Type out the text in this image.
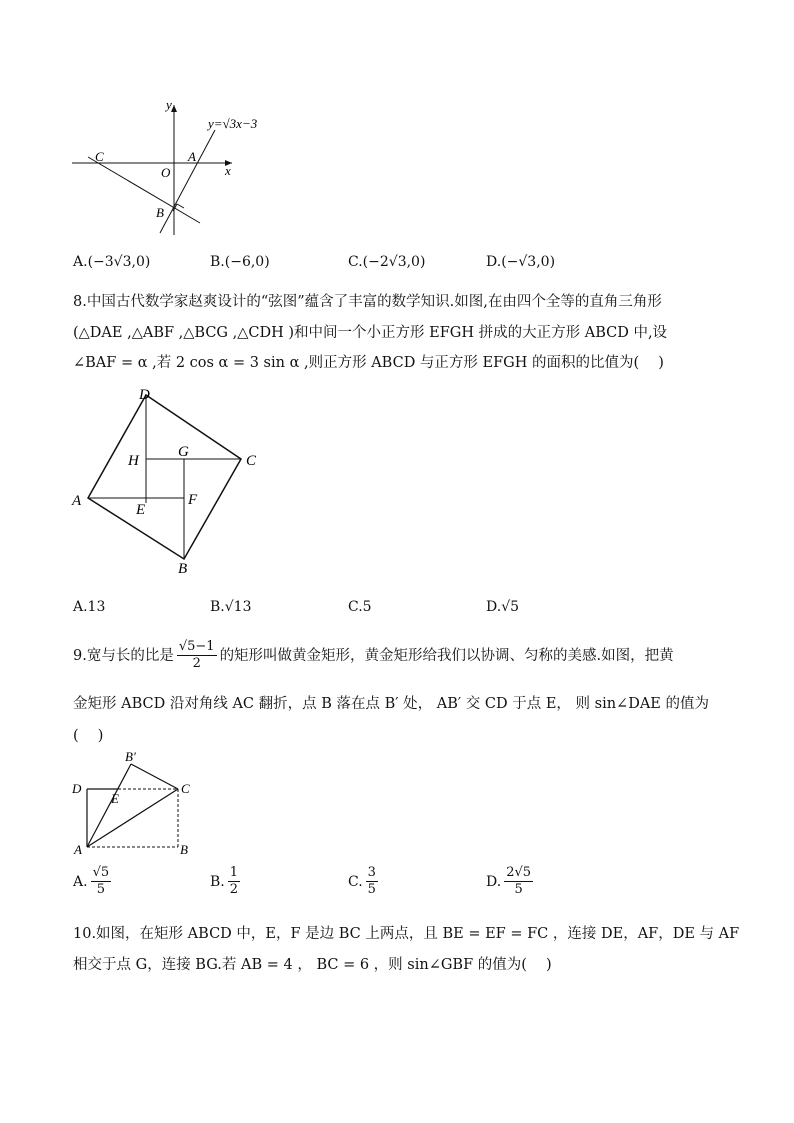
y=√3x−3
x
y
O
A
B
C
A.(−3√3,0)	B.(−6,0)	C.(−2√3,0)	D.(−√3,0)
8.中国古代数学家赵爽设计的“弦图”蕴含了丰富的数学知识.如图,在由四个全等的直角三角形
(△DAE ,△ABF ,△BCG ,△CDH )和中间一个小正方形 EFGH 拼成的大正方形 ABCD 中,设
∠BAF = α ,若 2 cos α = 3 sin α ,则正方形 ABCD 与正方形 EFGH 的面积的比值为(　 )
D
C
B
A
E
F
G
H
A.13	B.√13	C.5	D.√5
9.宽与长的比是 $\frac{√5-1}{2}$ 的矩形叫做黄金矩形，黄金矩形给我们以协调、匀称的美感.如图，把黄
金矩形 ABCD 沿对角线 AC 翻折，点 B 落在点 B′ 处， AB′ 交 CD 于点 E， 则 sin∠DAE 的值为
(　 )
B′
D
E
C
A	B
A. $\frac{√5}{5}$	B. $\frac{1}{2}$	C. $\frac{3}{5}$	D. $\frac{2√5}{5}$
10.如图，在矩形 ABCD 中，E，F 是边 BC 上两点，且 BE = EF = FC ，连接 DE，AF，DE 与 AF
相交于点 G，连接 BG.若 AB = 4 ， BC = 6 ，则 sin∠GBF 的值为(　 )
